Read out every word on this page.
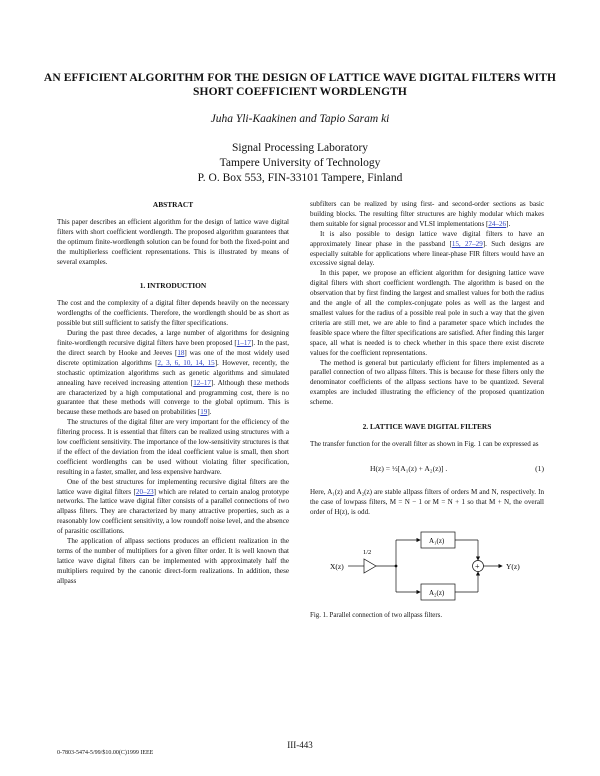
AN EFFICIENT ALGORITHM FOR THE DESIGN OF LATTICE WAVE DIGITAL FILTERS WITH SHORT COEFFICIENT WORDLENGTH
Juha Yli-Kaakinen and Tapio Saram ki
Signal Processing Laboratory
Tampere University of Technology
P. O. Box 553, FIN-33101 Tampere, Finland
ABSTRACT

This paper describes an efficient algorithm for the design of lattice wave digital filters with short coefficient wordlength. The proposed algorithm guarantees that the optimum finite-wordlength solution can be found for both the fixed-point and the multiplierless coefficient representations. This is illustrated by means of several examples.

1. INTRODUCTION

The cost and the complexity of a digital filter depends heavily on the necessary wordlengths of the coefficients. Therefore, the wordlength should be as short as possible but still sufficient to satisfy the filter specifications.

During the past three decades, a large number of algorithms for designing finite-wordlength recursive digital filters have been proposed [1–17]. In the past, the direct search by Hooke and Jeeves [18] was one of the most widely used discrete optimization algorithms [2, 3, 6, 10, 14, 15]. However, recently, the stochastic optimization algorithms such as genetic algorithms and simulated annealing have received increasing attention [12–17]. Although these methods are characterized by a high computational and programming cost, there is no guarantee that these methods will converge to the global optimum. This is because these methods are based on probabilities [19].

The structures of the digital filter are very important for the efficiency of the filtering process. It is essential that filters can be realized using structures with a low coefficient sensitivity. The importance of the low-sensitivity structures is that if the effect of the deviation from the ideal coefficient value is small, then short coefficient wordlengths can be used without violating filter specification, resulting in a faster, smaller, and less expensive hardware.

One of the best structures for implementing recursive digital filters are the lattice wave digital filters [20–23] which are related to certain analog prototype networks. The lattice wave digital filter consists of a parallel connections of two allpass filters. They are characterized by many attractive properties, such as a reasonably low coefficient sensitivity, a low roundoff noise level, and the absence of parasitic oscillations.

The application of allpass sections produces an efficient realization in the terms of the number of multipliers for a given filter order. It is well known that lattice wave digital filters can be implemented with approximately half the multipliers required by the canonic direct-form realizations. In addition, these allpass

subfilters can be realized by using first- and second-order sections as basic building blocks. The resulting filter structures are highly modular which makes them suitable for signal processor and VLSI implementations [24–26].

It is also possible to design lattice wave digital filters to have an approximately linear phase in the passband [15, 27–29]. Such designs are especially suitable for applications where linear-phase FIR filters would have an excessive signal delay.

In this paper, we propose an efficient algorithm for designing lattice wave digital filters with short coefficient wordlength. The algorithm is based on the observation that by first finding the largest and smallest values for both the radius and the angle of all the complex-conjugate poles as well as the largest and smallest values for the radius of a possible real pole in such a way that the given criteria are still met, we are able to find a parameter space which includes the feasible space where the filter specifications are satisfied. After finding this larger space, all what is needed is to check whether in this space there exist discrete values for the coefficient representations.

The method is general but particularly efficient for filters implemented as a parallel connection of two allpass filters. This is because for these filters only the denominator coefficients of the allpass sections have to be quantized. Several examples are included illustrating the efficiency of the proposed quantization scheme.

2. LATTICE WAVE DIGITAL FILTERS

The transfer function for the overall filter as shown in Fig. 1 can be expressed as

H(z) = ½[A₁(z) + A₂(z)] .	(1)

Here, A₁(z) and A₂(z) are stable allpass filters of orders M and N, respectively. In the case of lowpass filters, M = N − 1 or M = N + 1 so that M + N, the overall order of H(z), is odd.

X(z)
1/2
A₁(z)
A₂(z)
+	Y(z)
Fig. 1. Parallel connection of two allpass filters.
III-443
0-7803-5474-5/99/$10.00(C)1999 IEEE
